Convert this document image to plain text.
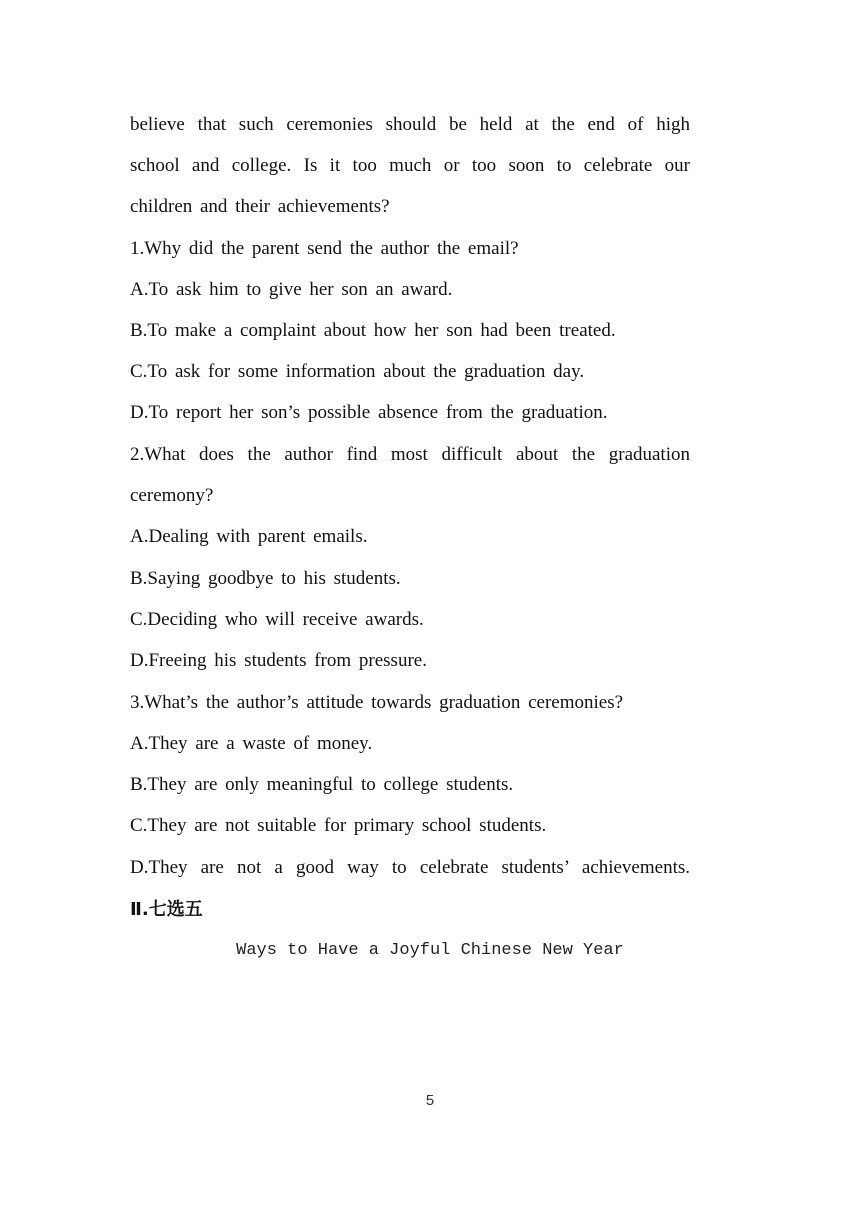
believe that such ceremonies should be held at the end of high
school and college. Is it too much or too soon to celebrate our
children and their achievements?
1.Why did the parent send the author the email?
A.To ask him to give her son an award.
B.To make a complaint about how her son had been treated.
C.To ask for some information about the graduation day.
D.To report her son’s possible absence from the graduation.
2.What does the author find most difficult about the graduation
ceremony?
A.Dealing with parent emails.
B.Saying goodbye to his students.
C.Deciding who will receive awards.
D.Freeing his students from pressure.
3.What’s the author’s attitude towards graduation ceremonies?
A.They are a waste of money.
B.They are only meaningful to college students.
C.They are not suitable for primary school students.
D.They are not a good way to celebrate students’ achievements.
Ⅱ.七选五
Ways to Have a Joyful Chinese New Year
5
